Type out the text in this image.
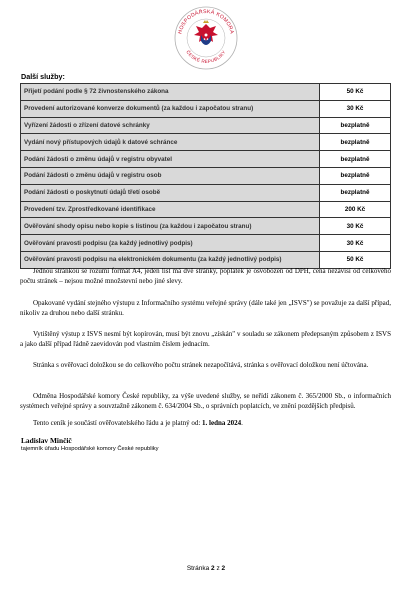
HOSPODÁŘSKÁ KOMORA
ČESKÉ REPUBLIKY
Další služby:
Přijetí podání podle § 72 živnostenského zákona	50 Kč
Provedení autorizované konverze dokumentů (za každou i započatou stranu)	30 Kč
Vyřízení žádosti o zřízení datové schránky	bezplatně
Vydání nový přístupových údajů k datové schránce	bezplatně
Podání žádosti o změnu údajů v registru obyvatel	bezplatně
Podání žádosti o změnu údajů v registru osob	bezplatně
Podání žádosti o poskytnutí údajů třetí osobě	bezplatně
Provedení tzv. Zprostředkované identifikace	200 Kč
Ověřování shody opisu nebo kopie s listinou (za každou i započatou stranu)	30 Kč
Ověřování pravosti podpisu (za každý jednotlivý podpis)	30 Kč
Ověřování pravosti podpisu na elektronickém dokumentu (za každý jednotlivý podpis)	50 Kč

Jednou stránkou se rozumí formát A4, jeden list má dvě stránky, poplatek je osvobozen od DPH, cena nezávisí od celkového počtu stránek – nejsou možné množstevní nebo jiné slevy.

Opakované vydání stejného výstupu z Informačního systému veřejné správy (dále také jen „ISVS") se považuje za další případ, nikoliv za druhou nebo další stránku.

Vytištěný výstup z ISVS nesmí být kopírován, musí být znovu „získán" v souladu se zákonem předepsaným způsobem z ISVS a jako další případ řádně zaevidován pod vlastním číslem jednacím.

Stránka s ověřovací doložkou se do celkového počtu stránek nezapočítává, stránka s ověřovací doložkou není účtována.

Odměna Hospodářské komory České republiky, za výše uvedené služby, se neřídí zákonem č. 365/2000 Sb., o informačních systémech veřejné správy a souvztažně zákonem č. 634/2004 Sb., o správních poplatcích, ve znění pozdějších předpisů.

Tento ceník je součástí ověřovatelského řádu a je platný od: 1. ledna 2024.

Ladislav Minčič
tajemník úřadu Hospodářské komory České republiky
Stránka 2 z 2
